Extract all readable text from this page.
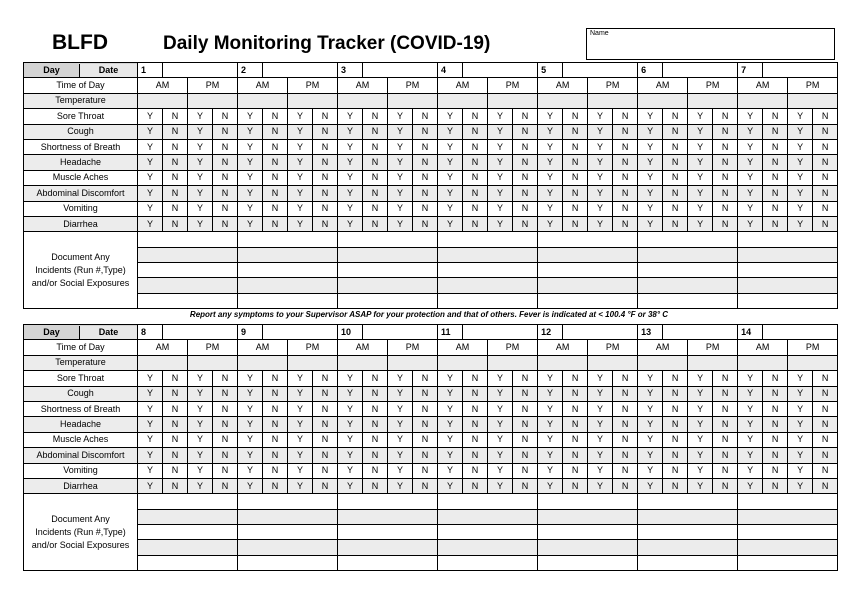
BLFD	Daily Monitoring Tracker (COVID-19)	Name
Day Date	1				2				3				4				5				6				7			
Time of Day	AM		PM		AM		PM		AM		PM		AM		PM		AM		PM		AM		PM		AM		PM	
Temperature																												
Sore Throat	Y	N	Y	N	Y	N	Y	N	Y	N	Y	N	Y	N	Y	N	Y	N	Y	N	Y	N	Y	N	Y	N	Y	N
Cough	Y	N	Y	N	Y	N	Y	N	Y	N	Y	N	Y	N	Y	N	Y	N	Y	N	Y	N	Y	N	Y	N	Y	N
Shortness of Breath	Y	N	Y	N	Y	N	Y	N	Y	N	Y	N	Y	N	Y	N	Y	N	Y	N	Y	N	Y	N	Y	N	Y	N
Headache	Y	N	Y	N	Y	N	Y	N	Y	N	Y	N	Y	N	Y	N	Y	N	Y	N	Y	N	Y	N	Y	N	Y	N
Muscle Aches	Y	N	Y	N	Y	N	Y	N	Y	N	Y	N	Y	N	Y	N	Y	N	Y	N	Y	N	Y	N	Y	N	Y	N
Abdominal Discomfort	Y	N	Y	N	Y	N	Y	N	Y	N	Y	N	Y	N	Y	N	Y	N	Y	N	Y	N	Y	N	Y	N	Y	N
Vomiting	Y	N	Y	N	Y	N	Y	N	Y	N	Y	N	Y	N	Y	N	Y	N	Y	N	Y	N	Y	N	Y	N	Y	N
Diarrhea	Y	N	Y	N	Y	N	Y	N	Y	N	Y	N	Y	N	Y	N	Y	N	Y	N	Y	N	Y	N	Y	N	Y	N

Document Any
Incidents (Run #,Type)
and/or Social Exposures																												

Report any symptoms to your Supervisor ASAP for your protection and that of others. Fever is indicated at < 100.4 °F or 38° C
Day Date	8				9				10				11				12				13				14			
Time of Day	AM		PM		AM		PM		AM		PM		AM		PM		AM		PM		AM		PM		AM		PM	
Temperature																												
Sore Throat	Y	N	Y	N	Y	N	Y	N	Y	N	Y	N	Y	N	Y	N	Y	N	Y	N	Y	N	Y	N	Y	N	Y	N
Cough	Y	N	Y	N	Y	N	Y	N	Y	N	Y	N	Y	N	Y	N	Y	N	Y	N	Y	N	Y	N	Y	N	Y	N
Shortness of Breath	Y	N	Y	N	Y	N	Y	N	Y	N	Y	N	Y	N	Y	N	Y	N	Y	N	Y	N	Y	N	Y	N	Y	N
Headache	Y	N	Y	N	Y	N	Y	N	Y	N	Y	N	Y	N	Y	N	Y	N	Y	N	Y	N	Y	N	Y	N	Y	N
Muscle Aches	Y	N	Y	N	Y	N	Y	N	Y	N	Y	N	Y	N	Y	N	Y	N	Y	N	Y	N	Y	N	Y	N	Y	N
Abdominal Discomfort	Y	N	Y	N	Y	N	Y	N	Y	N	Y	N	Y	N	Y	N	Y	N	Y	N	Y	N	Y	N	Y	N	Y	N
Vomiting	Y	N	Y	N	Y	N	Y	N	Y	N	Y	N	Y	N	Y	N	Y	N	Y	N	Y	N	Y	N	Y	N	Y	N
Diarrhea	Y	N	Y	N	Y	N	Y	N	Y	N	Y	N	Y	N	Y	N	Y	N	Y	N	Y	N	Y	N	Y	N	Y	N

Document Any
Incidents (Run #,Type)
and/or Social Exposures																												
